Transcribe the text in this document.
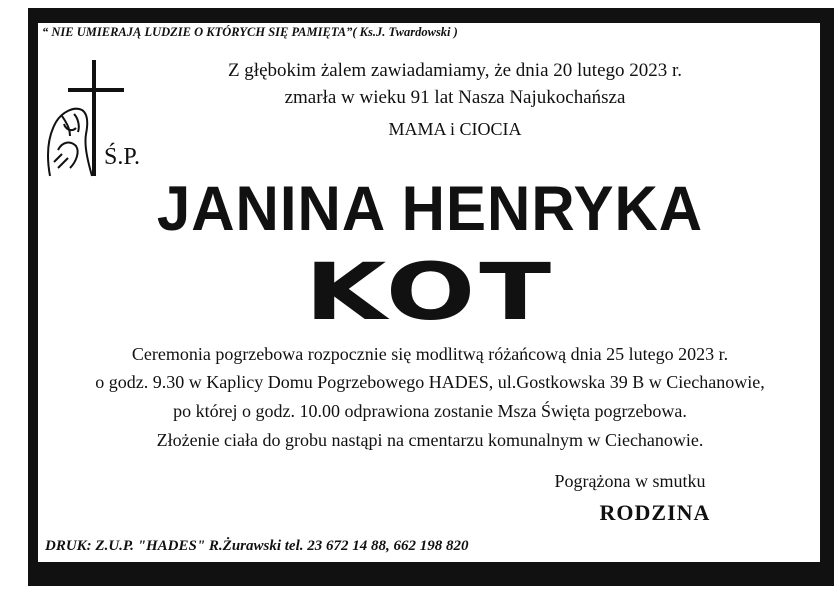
“ NIE UMIERAJĄ LUDZIE O KTÓRYCH SIĘ PAMIĘTA”( Ks.J. Twardowski )
Z głębokim żalem zawiadamiamy, że dnia 20 lutego 2023 r.
zmarła w wieku 91 lat Nasza Najukochańsza
MAMA i CIOCIA
Ś.P.
JANINA HENRYKA
KOT
Ceremonia pogrzebowa rozpocznie się modlitwą różańcową dnia 25 lutego 2023 r.
o godz. 9.30 w Kaplicy Domu Pogrzebowego HADES, ul.Gostkowska 39 B w Ciechanowie,
po której o godz. 10.00 odprawiona zostanie Msza Święta pogrzebowa.
Złożenie ciała do grobu nastąpi na cmentarzu komunalnym w Ciechanowie.
Pogrążona w smutku
RODZINA
DRUK: Z.U.P. "HADES" R.Żurawski tel. 23 672 14 88, 662 198 820
